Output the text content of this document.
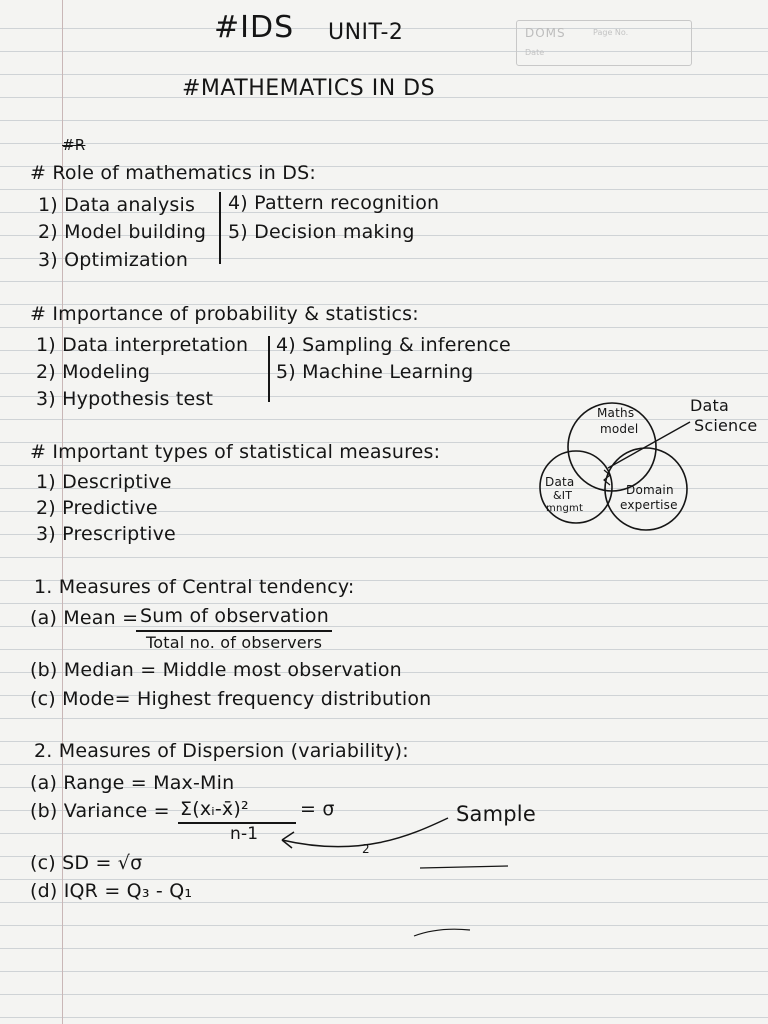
DOMS	Page No.
Date
#IDS UNIT-2
#MATHEMATICS IN DS
#R
# Role of mathematics in DS:
1) Data analysis
2) Model building
3) Optimization
4) Pattern recognition
5) Decision making
# Importance of probability & statistics:
1) Data interpretation
2) Modeling
3) Hypothesis test
4) Sampling & inference
5) Machine Learning
# Important types of statistical measures:
1) Descriptive
2) Predictive
3) Prescriptive
Maths
model
Data
&IT
mngmt
Domain
expertise
Data
Science
1. Measures of Central tendency:
(a) Mean = Sum of observation
Total no. of observers
(b) Median = Middle most observation
(c) Mode= Highest frequency distribution
2. Measures of Dispersion (variability):
(a) Range = Max-Min
(b) Variance = Σ(xᵢ-x̄)²	= σ
n-1
Sample
2
(c) SD = √σ
(d) IQR = Q₃ - Q₁
